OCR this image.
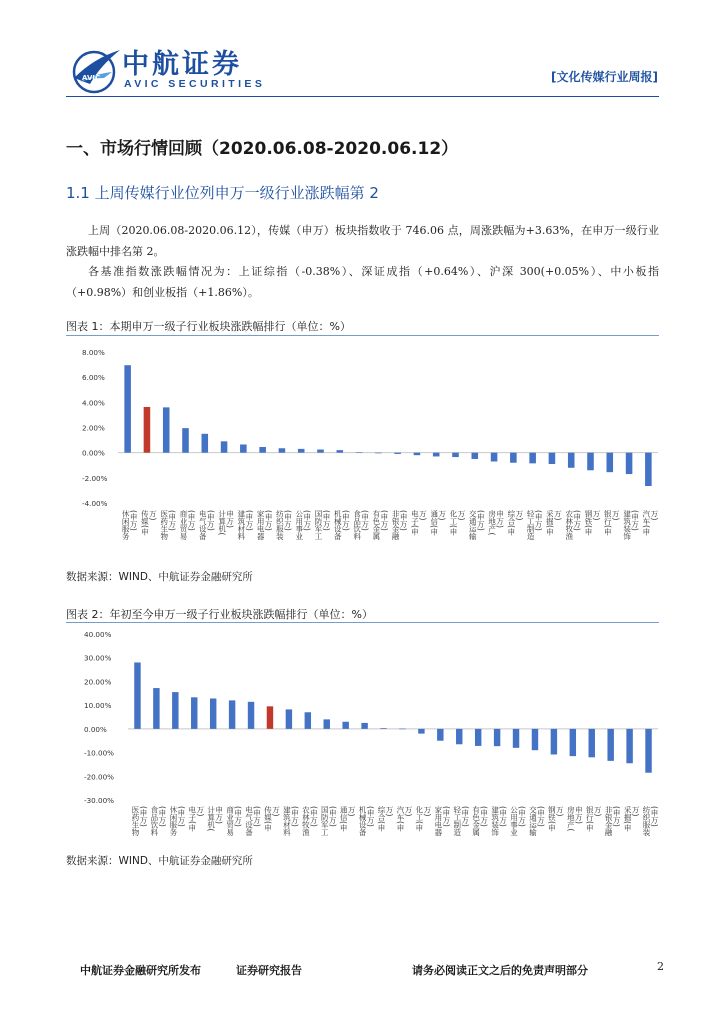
AVIC 中航证券
AVIC SECURITIES	[文化传媒行业周报]
一、市场行情回顾（2020.06.08-2020.06.12）
1.1 上周传媒行业位列申万一级行业涨跌幅第 2
上周（2020.06.08-2020.06.12），传媒（申万）板块指数收于 746.06 点，周涨跌幅为+3.63%，在申万一级行业涨跌幅中排名第 2。
各基准指数涨跌幅情况为：上证综指（-0.38%）、深证成指（+0.64%）、沪深 300(+0.05%）、中小板指（+0.98%）和创业板指（+1.86%）。
图表 1：本期申万一级子行业板块涨跌幅排行（单位：%）
8.00%
6.00%
4.00%
2.00%
0.00%
-2.00%
-4.00%
休闲服务 (申万) 传媒(申 万) 医药生物 (申万) 商业贸易 (申万) 电气设备 (申万) 计算机( 申万) 建筑材料 (申万) 家用电器 (申万) 纺织服装 (申万) 公用事业 (申万) 国防军工 (申万) 机械设备 (申万) 食品饮料 (申万) 有色金属 (申万) 非银金融 (申万) 电子(申 万) 通信(申 万) 化工(申 万) 交通运输 (申万) 房地产( 申万) 综合(申 万) 轻工制造 (申万) 采掘(申 万) 农林牧渔 (申万) 钢铁(申 万) 银行(申 万) 建筑装饰 (申万) 汽车(申 万)
数据来源：WIND、中航证券金融研究所
图表 2：年初至今申万一级子行业板块涨跌幅排行（单位：%）
40.00%
30.00%
20.00%
10.00%
0.00%
-10.00%
-20.00%
-30.00%
医药生物 (申万) 食品饮料 (申万) 休闲服务 (申万) 电子(申 万) 计算机( 申万) 商业贸易 (申万) 电气设备 (申万) 传媒(申 万) 建筑材料 (申万) 农林牧渔 (申万) 国防军工 (申万) 通信(申 万) 机械设备 (申万) 综合(申 万) 汽车(申 万) 化工(申 万) 家用电器 (申万) 轻工制造 (申万) 有色金属 (申万) 建筑装饰 (申万) 公用事业 (申万) 交通运输 (申万) 钢铁(申 万) 房地产( 申万) 银行(申 万) 非银金融 (申万) 采掘(申 万) 纺织服装 (申万)
数据来源：WIND、中航证券金融研究所
中航证券金融研究所发布	证券研究报告	请务必阅读正文之后的免责声明部分	2
